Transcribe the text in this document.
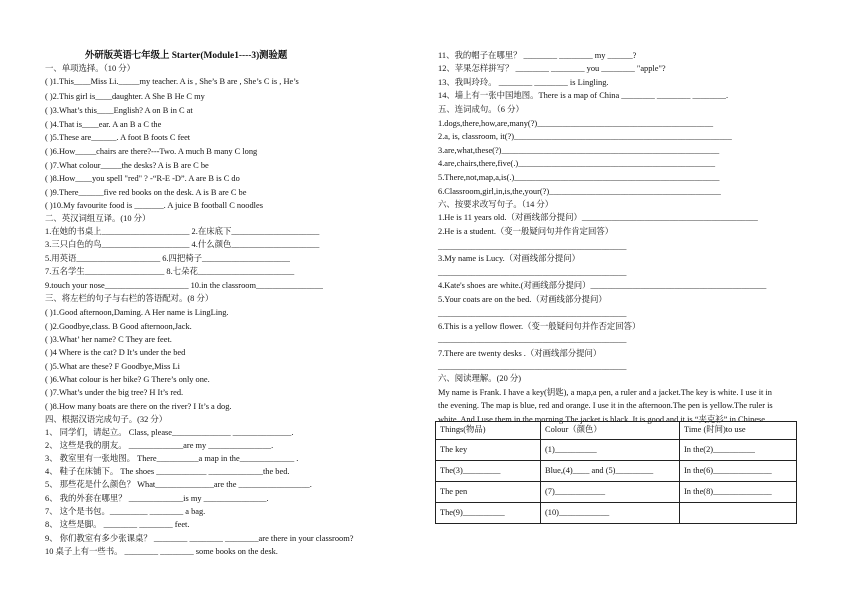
外研版英语七年级上 Starter(Module1----3)测验题
一、单项选择。（10 分）
( )1.This____Miss Li._____my teacher. A is , She’s B are , She’s C is , He’s
( )2.This girl is____daughter. A She B He C my
( )3.What’s this____English? A on B in C at
( )4.That is____ear. A an B a C the
( )5.These are______. A foot B foots C feet
( )6.How_____chairs are there?---Two. A much B many C long
( )7.What colour_____the desks? A is B are C be
( )8.How____you spell "red" ? -“R-E -D”. A are B is C do
( )9.There______five red books on the desk. A is B are C be
( )10.My favourite food is _______. A juice B football C noodles
二、英汉词组互译。(10 分）
1.在她的书桌上_____________________ 2.在床底下_____________________
3.三只白色的鸟_____________________ 4.什么颜色_____________________
5.用英语____________________ 6.四把椅子_____________________
7.五名学生___________________ 8.七朵花_______________________
9.touch your nose____________________ 10.in the classroom________________
三、将左栏的句子与右栏的答语配对。(8 分）
( )1.Good afternoon,Daming. A Her name is LingLing.
( )2.Goodbye,class. B Good afternoon,Jack.
( )3.What’ her name? C They are feet.
( )4 Where is the cat? D It’s under the bed
( )5.What are these? F Goodbye,Miss Li
( )6.What colour is her bike? G There’s only one.
( )7.What’s under the big tree? H It’s red.
( )8.How many boats are there on the river? I It’s a dog.
四、根据汉语完成句子。(32 分）
1、 同学们，请起立。 Class, please______________ ______________.
2、 这些是我的朋友。 _____________are my _______________.
3、 教室里有一张地图。 There__________a map in the_____________ .
4、 鞋子在床铺下。 The shoes ____________ _____________the bed.
5、 那些花是什么颜色？ What______________are the _________________.
6、 我的外套在哪里？ _____________is my _______________.
7、 这个是书包。_________ ________ a bag.
8、 这些是脚。 ________ ________ feet.
9、 你们教室有多少张课桌？ ________ ________ ________are there in your classroom?
10 桌子上有一些书。 ________ ________ some books on the desk.
11、我的帽子在哪里？ ________ ________ my ______?
12、苹果怎样拼写？ ________ ________ you ________ "apple"?
13、我叫玲玲。 ________ ________ is Lingling.
14、墙上有一张中国地图。There is a map of China ________ ________ ________.
五、连词成句。（6 分）
1.dogs,there,how,are,many(?)__________________________________________
2.a, is, classroom, it(?)____________________________________________________
3.are,what,these(?)____________________________________________________
4.are,chairs,there,five(.)_______________________________________________
5.There,not,map,a,is(.)_________________________________________________
6.Classroom,girl,in,is,the,your(?)_________________________________________
六、按要求改写句子。（14 分）
1.He is 11 years old.（对画线部分提问）__________________________________________
2.He is a student.（变一般疑问句并作肯定回答）
_____________________________________________
3.My name is Lucy.（对画线部分提问）
_____________________________________________
4.Kate's shoes are white.(对画线部分提问）__________________________________________
5.Your coats are on the bed.（对画线部分提问）
_____________________________________________
6.This is a yellow flower.（变一般疑问句并作否定回答）
_____________________________________________
7.There are twenty desks .（对画线部分提问）
_____________________________________________
六、阅读理解。(20 分)
My name is Frank. I have a key(钥匙), a map,a pen, a ruler and a jacket.The key is white. I use it in
the evening. The map is blue, red and orange. I use it in the afternoon.The pen is yellow.The ruler is
white. And I use them in the morning.The jacket is black. It is good and it is “夹克衫” in Chinese.
Things(物品)	Colour（颜色）	Time (时间)to use
The key	(1)__________	In the(2)__________
The(3)_________	Blue,(4)____ and (5)_________	In the(6)______________
The pen	(7)____________	In the(8)______________
The(9)__________	(10)____________	
